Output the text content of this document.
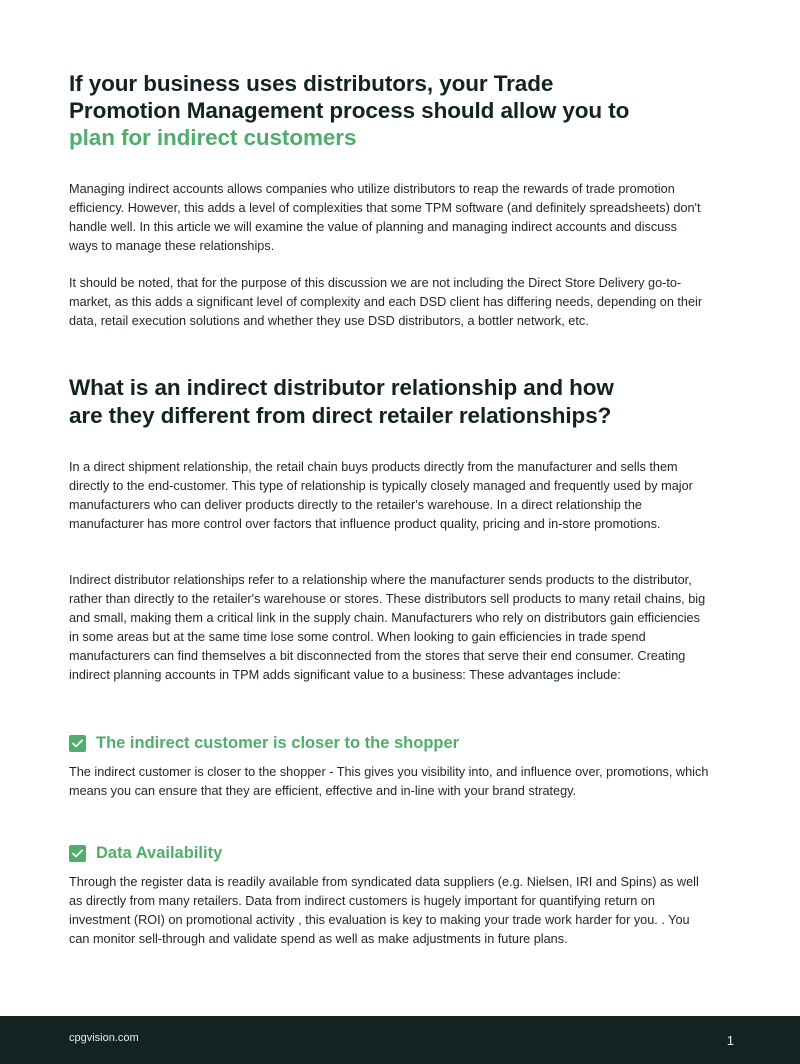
If your business uses distributors, your Trade
Promotion Management process should allow you to
plan for indirect customers

Managing indirect accounts allows companies who utilize distributors to reap the rewards of trade promotion efficiency. However, this adds a level of complexities that some TPM software (and definitely spreadsheets) don't handle well. In this article we will examine the value of planning and managing indirect accounts and discuss ways to manage these relationships.

It should be noted, that for the purpose of this discussion we are not including the Direct Store Delivery go-to-market, as this adds a significant level of complexity and each DSD client has differing needs, depending on their data, retail execution solutions and whether they use DSD distributors, a bottler network, etc.

What is an indirect distributor relationship and how
are they different from direct retailer relationships?

In a direct shipment relationship, the retail chain buys products directly from the manufacturer and sells them directly to the end-customer. This type of relationship is typically closely managed and frequently used by major manufacturers who can deliver products directly to the retailer's warehouse. In a direct relationship the manufacturer has more control over factors that influence product quality, pricing and in-store promotions.

Indirect distributor relationships refer to a relationship where the manufacturer sends products to the distributor, rather than directly to the retailer's warehouse or stores. These distributors sell products to many retail chains, big and small, making them a critical link in the supply chain. Manufacturers who rely on distributors gain efficiencies in some areas but at the same time lose some control. When looking to gain efficiencies in trade spend manufacturers can find themselves a bit disconnected from the stores that serve their end consumer. Creating indirect planning accounts in TPM adds significant value to a business: These advantages include:

The indirect customer is closer to the shopper

The indirect customer is closer to the shopper - This gives you visibility into, and influence over, promotions, which means you can ensure that they are efficient, effective and in-line with your brand strategy.

Data Availability

Through the register data is readily available from syndicated data suppliers (e.g. Nielsen, IRI and Spins) as well as directly from many retailers. Data from indirect customers is hugely important for quantifying return on investment (ROI) on promotional activity , this evaluation is key to making your trade work harder for you. . You can monitor sell-through and validate spend as well as make adjustments in future plans.

cpgvision.com	1
